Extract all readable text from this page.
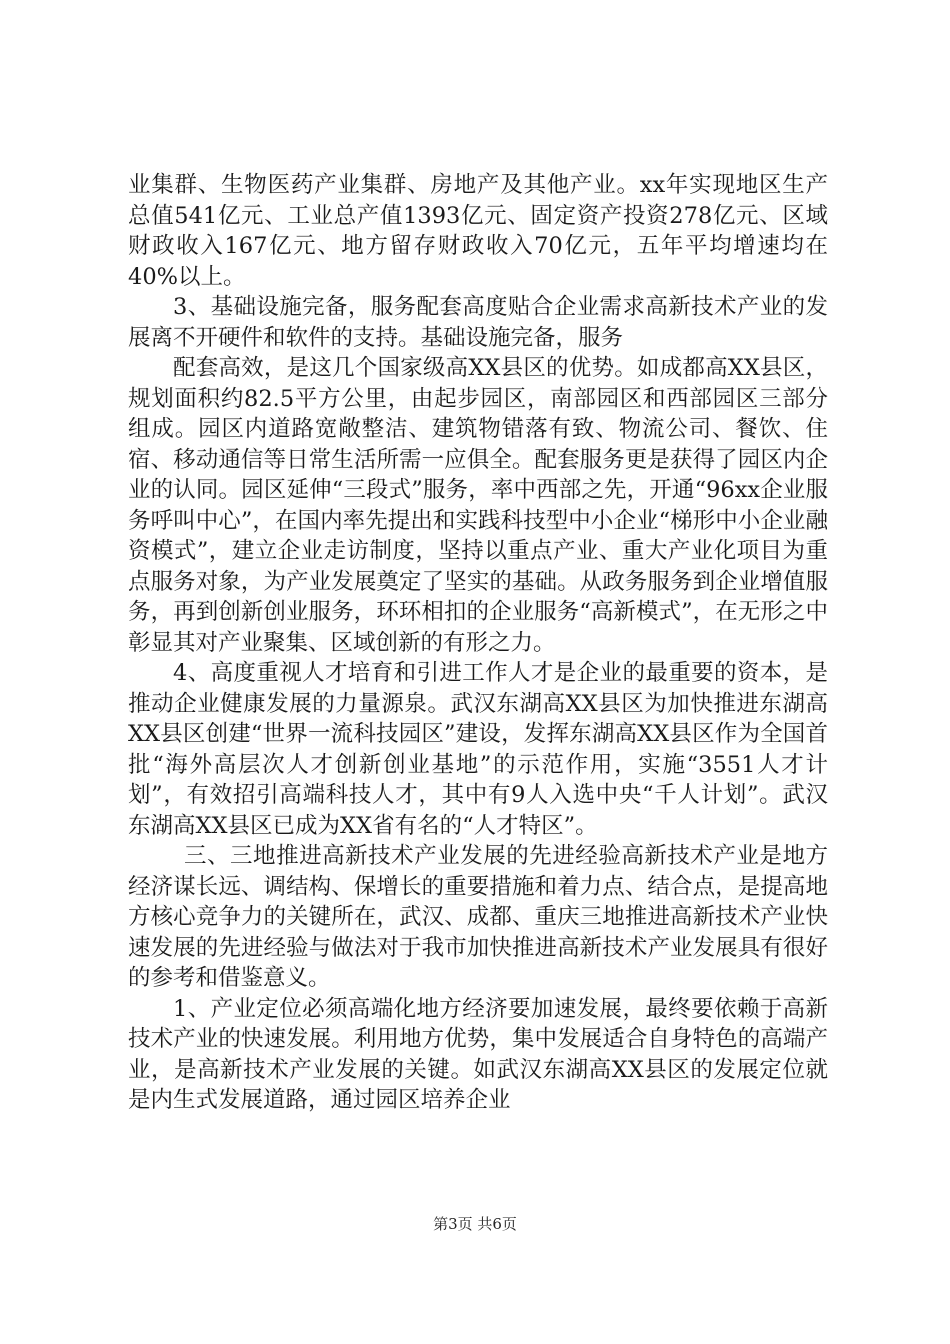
业集群、生物医药产业集群、房地产及其他产业。xx年实现地区生产总值541亿元、工业总产值1393亿元、固定资产投资278亿元、区域财政收入167亿元、地方留存财政收入70亿元，五年平均增速均在40%以上。

3、基础设施完备，服务配套高度贴合企业需求高新技术产业的发展离不开硬件和软件的支持。基础设施完备，服务

配套高效，是这几个国家级高XX县区的优势。如成都高XX县区，规划面积约82.5平方公里，由起步园区，南部园区和西部园区三部分组成。园区内道路宽敞整洁、建筑物错落有致、物流公司、餐饮、住宿、移动通信等日常生活所需一应俱全。配套服务更是获得了园区内企业的认同。园区延伸“三段式”服务，率中西部之先，开通“96xx企业服务呼叫中心”，在国内率先提出和实践科技型中小企业“梯形中小企业融资模式”，建立企业走访制度，坚持以重点产业、重大产业化项目为重点服务对象，为产业发展奠定了坚实的基础。从政务服务到企业增值服务，再到创新创业服务，环环相扣的企业服务“高新模式”，在无形之中彰显其对产业聚集、区域创新的有形之力。

4、高度重视人才培育和引进工作人才是企业的最重要的资本，是推动企业健康发展的力量源泉。武汉东湖高XX县区为加快推进东湖高XX县区创建“世界一流科技园区”建设，发挥东湖高XX县区作为全国首批“海外高层次人才创新创业基地”的示范作用，实施“3551人才计划”，有效招引高端科技人才，其中有9人入选中央“千人计划”。武汉东湖高XX县区已成为XX省有名的“人才特区”。

三、三地推进高新技术产业发展的先进经验高新技术产业是地方经济谋长远、调结构、保增长的重要措施和着力点、结合点，是提高地方核心竞争力的关键所在，武汉、成都、重庆三地推进高新技术产业快速发展的先进经验与做法对于我市加快推进高新技术产业发展具有很好的参考和借鉴意义。

1、产业定位必须高端化地方经济要加速发展，最终要依赖于高新技术产业的快速发展。利用地方优势，集中发展适合自身特色的高端产业，是高新技术产业发展的关键。如武汉东湖高XX县区的发展定位就是内生式发展道路，通过园区培养企业

第3页 共6页
